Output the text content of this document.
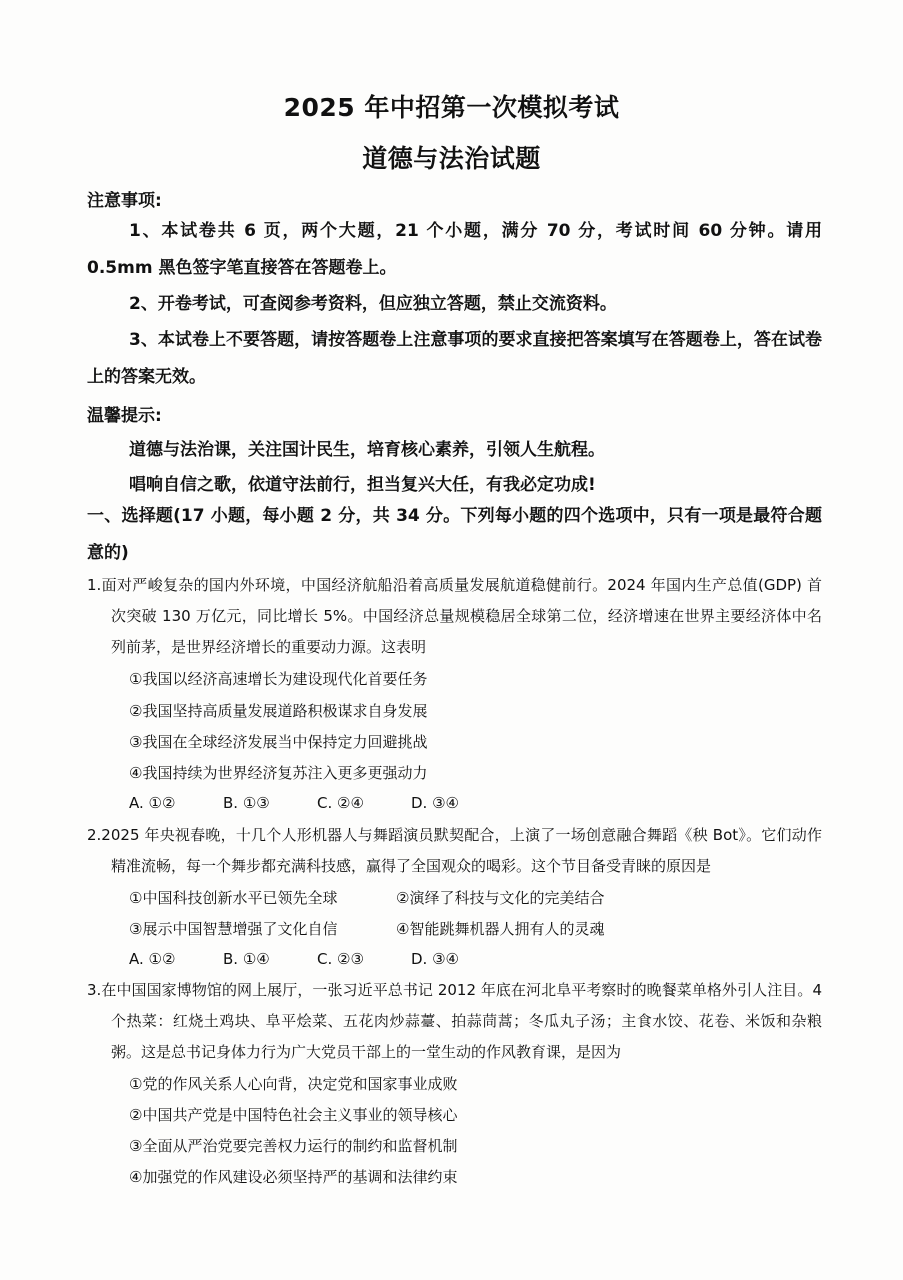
2025 年中招第一次模拟考试
道德与法治试题
注意事项:
1、本试卷共 6 页，两个大题，21 个小题，满分 70 分，考试时间 60 分钟。请用 0.5mm 黑色签字笔直接答在答题卷上。
2、开卷考试，可查阅参考资料，但应独立答题，禁止交流资料。
3、本试卷上不要答题，请按答题卷上注意事项的要求直接把答案填写在答题卷上，答在试卷上的答案无效。
温馨提示:
道德与法治课，关注国计民生，培育核心素养，引领人生航程。
唱响自信之歌，依道守法前行，担当复兴大任，有我必定功成!
一、选择题(17 小题，每小题 2 分，共 34 分。下列每小题的四个选项中，只有一项是最符合题意的)
1.面对严峻复杂的国内外环境，中国经济航船沿着高质量发展航道稳健前行。2024 年国内生产总值(GDP) 首次突破 130 万亿元，同比增长 5%。中国经济总量规模稳居全球第二位，经济增速在世界主要经济体中名列前茅，是世界经济增长的重要动力源。这表明
①我国以经济高速增长为建设现代化首要任务
②我国坚持高质量发展道路积极谋求自身发展
③我国在全球经济发展当中保持定力回避挑战
④我国持续为世界经济复苏注入更多更强动力
A. ①②	B. ①③	C. ②④	D. ③④
2.2025 年央视春晚，十几个人形机器人与舞蹈演员默契配合，上演了一场创意融合舞蹈《秧 Bot》。它们动作精准流畅，每一个舞步都充满科技感，赢得了全国观众的喝彩。这个节目备受青睐的原因是
①中国科技创新水平已领先全球	②演绎了科技与文化的完美结合
③展示中国智慧增强了文化自信	④智能跳舞机器人拥有人的灵魂
A. ①②	B. ①④	C. ②③	D. ③④
3.在中国国家博物馆的网上展厅，一张习近平总书记 2012 年底在河北阜平考察时的晚餐菜单格外引人注目。4 个热菜：红烧土鸡块、阜平烩菜、五花肉炒蒜薹、拍蒜茼蒿；冬瓜丸子汤；主食水饺、花卷、米饭和杂粮粥。这是总书记身体力行为广大党员干部上的一堂生动的作风教育课，是因为
①党的作风关系人心向背，决定党和国家事业成败
②中国共产党是中国特色社会主义事业的领导核心
③全面从严治党要完善权力运行的制约和监督机制
④加强党的作风建设必须坚持严的基调和法律约束
